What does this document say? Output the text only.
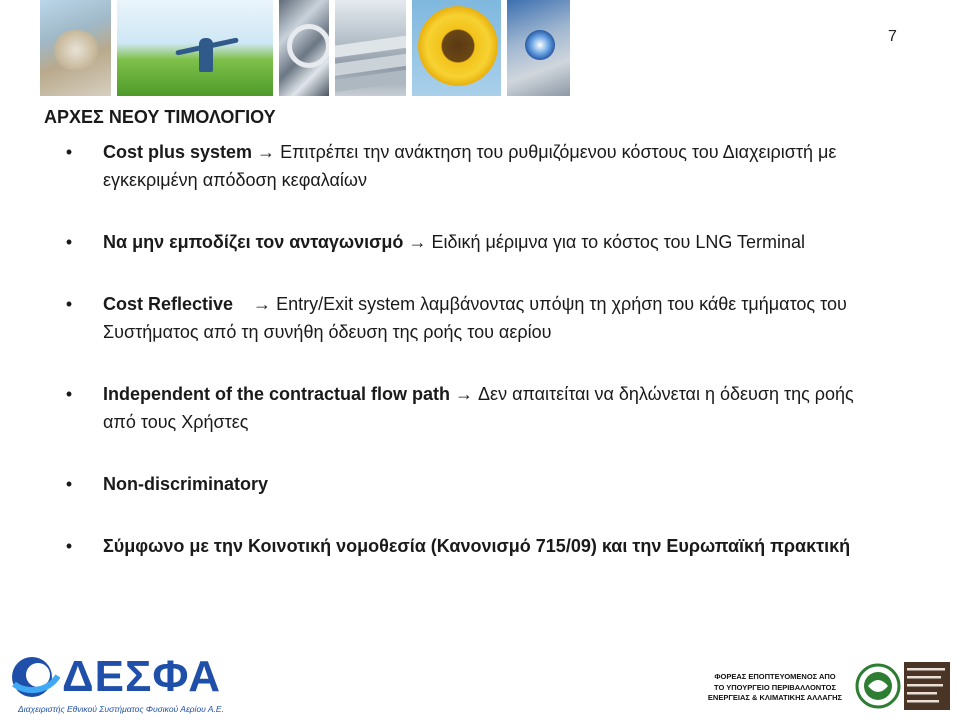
7
ΑΡΧΕΣ ΝΕΟΥ ΤΙΜΟΛΟΓΙΟΥ
• Cost plus system → Επιτρέπει την ανάκτηση του ρυθμιζόμενου κόστους του Διαχειριστή με εγκεκριμένη απόδοση κεφαλαίων
• Να μην εμποδίζει τον ανταγωνισμό → Ειδική μέριμνα για το κόστος του LNG Terminal
• Cost Reflective    → Entry/Exit system λαμβάνοντας υπόψη τη χρήση του κάθε τμήματος του Συστήματος από τη συνήθη όδευση της ροής του αερίου
• Independent of the contractual flow path → Δεν απαιτείται να δηλώνεται η όδευση της ροής από τους Χρήστες
• Non-discriminatory
• Σύμφωνο με την Κοινοτική νομοθεσία (Κανονισμό 715/09) και την Ευρωπαϊκή πρακτική
ΔΕΣΦΑ
Διαχειριστής Εθνικού Συστήματος Φυσικού Αερίου Α.Ε.
ΦΟΡΕΑΣ ΕΠΟΠΤΕΥΟΜΕΝΟΣ ΑΠΟ
ΤΟ ΥΠΟΥΡΓΕΙΟ ΠΕΡΙΒΑΛΛΟΝΤΟΣ
ΕΝΕΡΓΕΙΑΣ & ΚΛΙΜΑΤΙΚΗΣ ΑΛΛΑΓΗΣ
